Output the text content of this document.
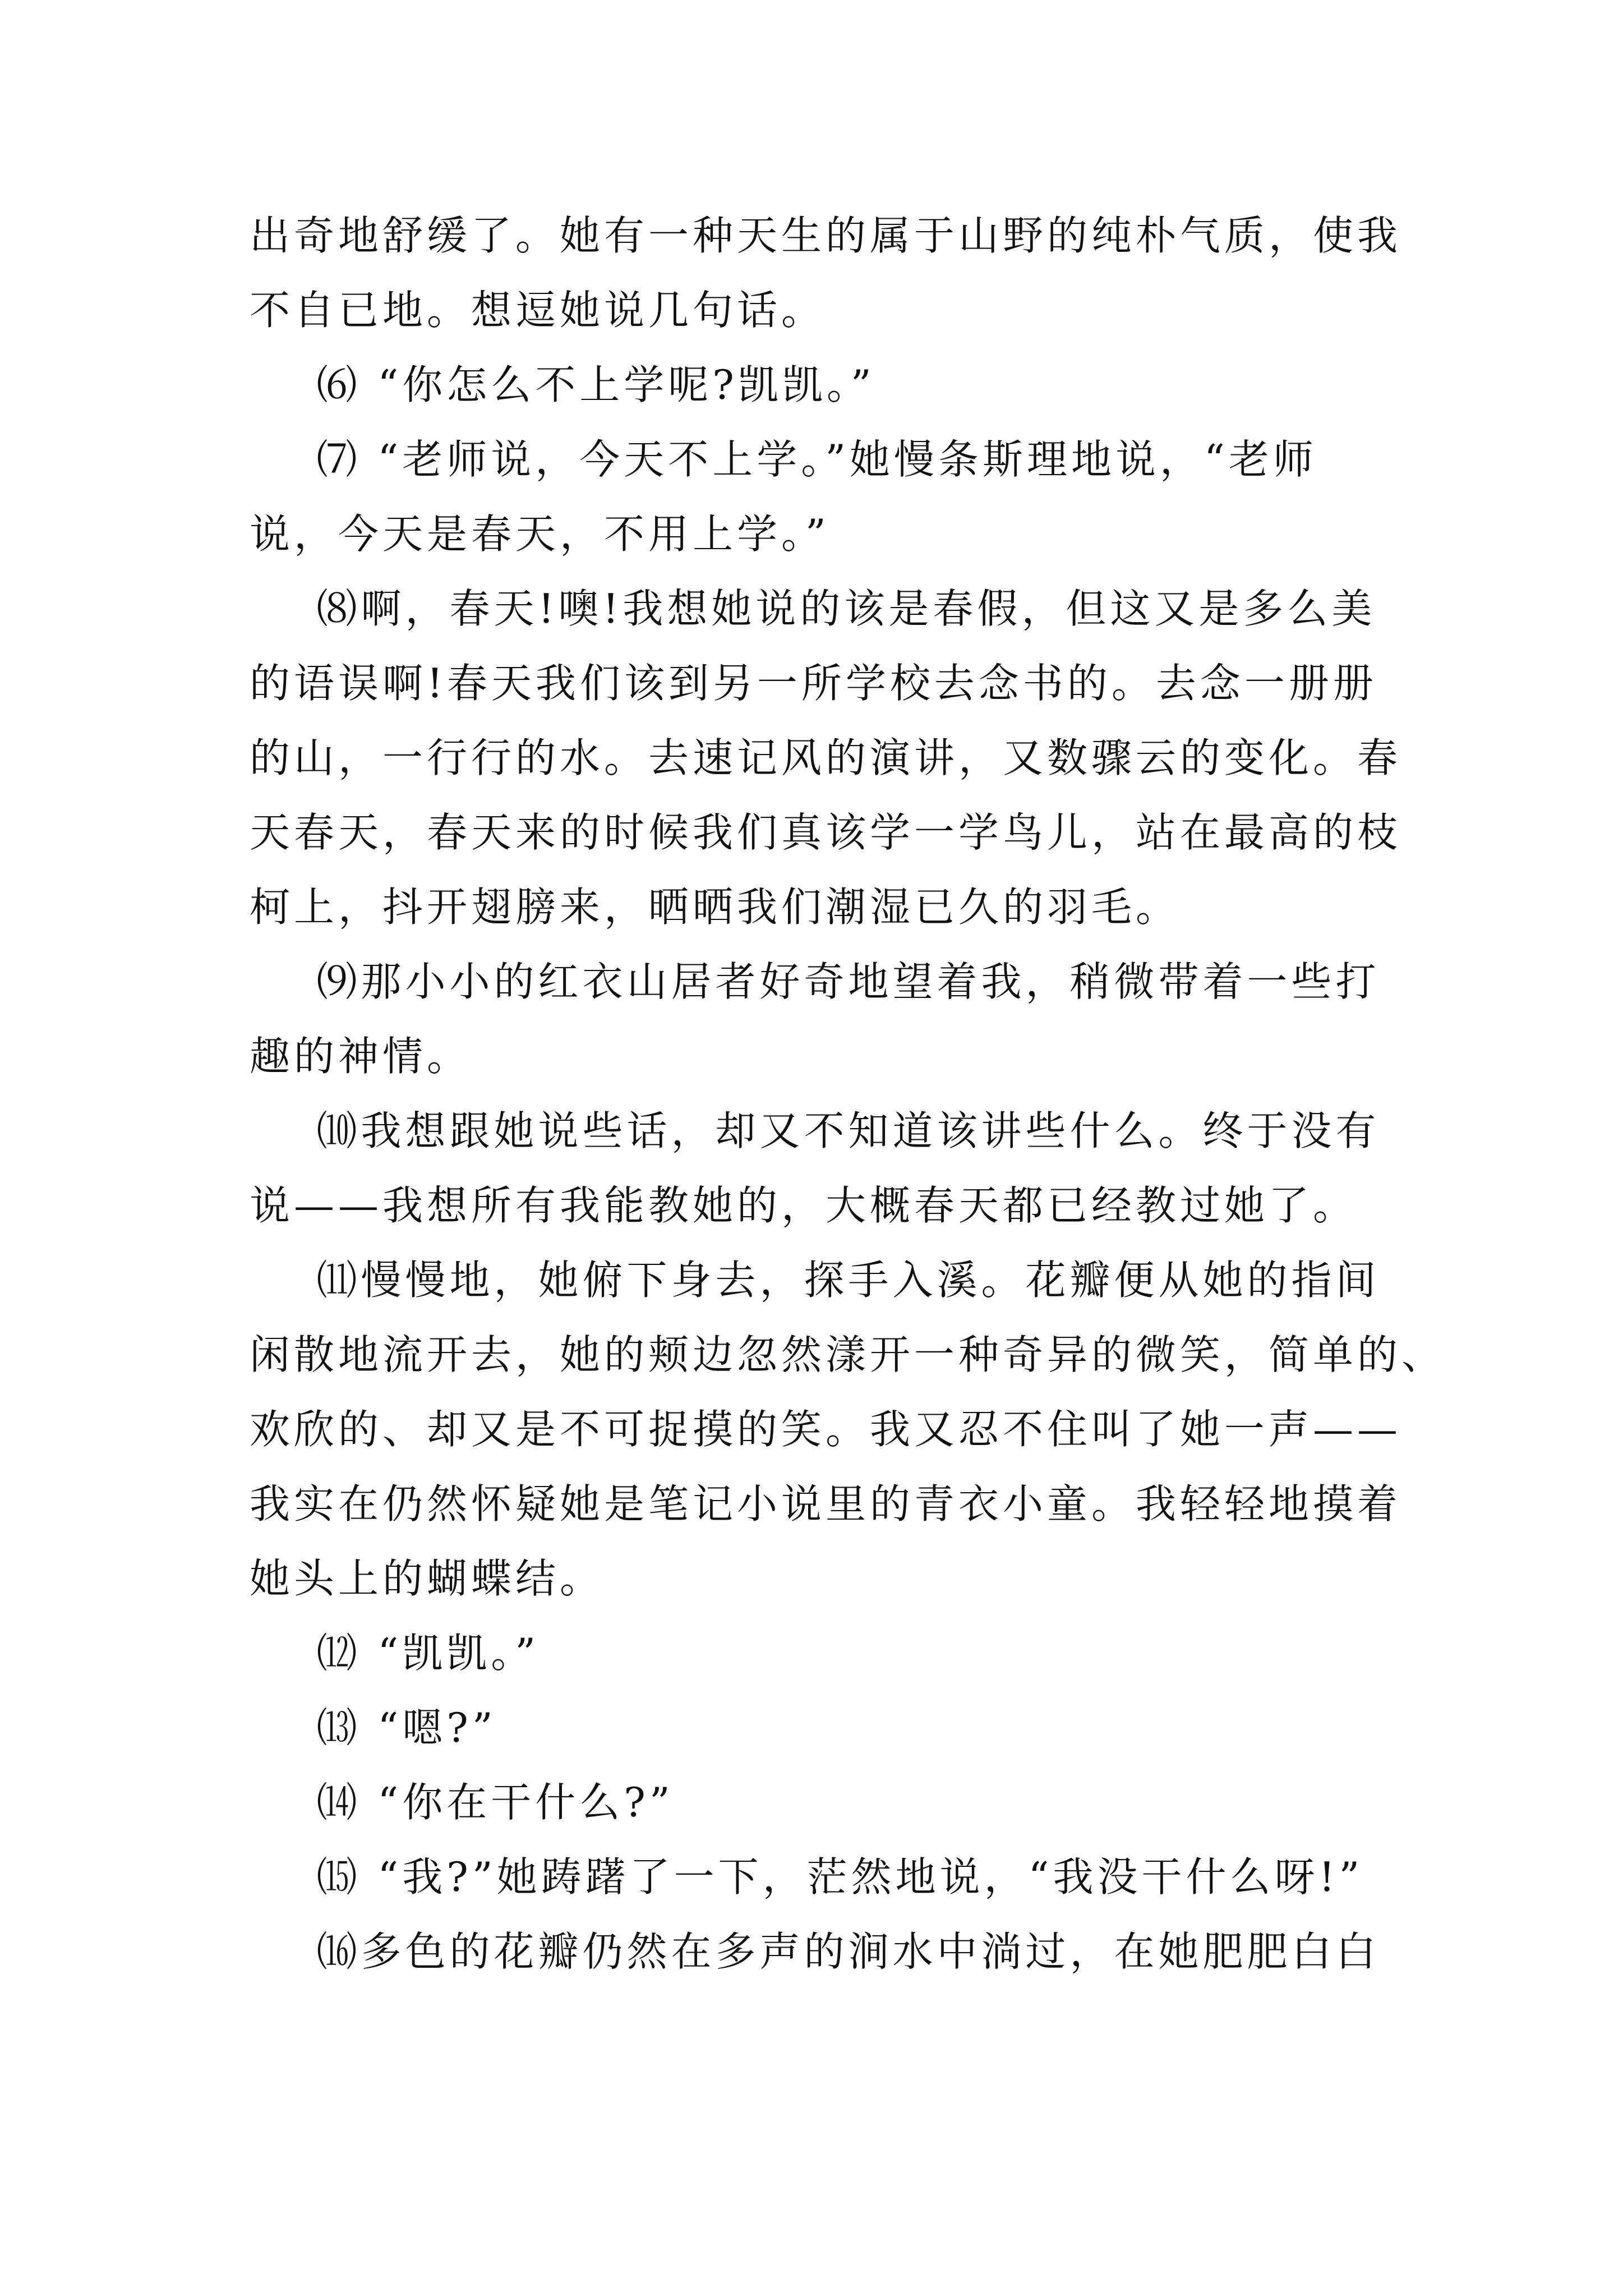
出奇地舒缓了。她有一种天生的属于山野的纯朴气质，使我
不自已地。想逗她说几句话。
⑹ “你怎么不上学呢?凯凯。”
⑺ “老师说，今天不上学。”她慢条斯理地说，“老师
说，今天是春天，不用上学。”
⑻啊，春天!噢!我想她说的该是春假，但这又是多么美
的语误啊!春天我们该到另一所学校去念书的。去念一册册
的山，一行行的水。去速记风的演讲，又数骤云的变化。春
天春天，春天来的时候我们真该学一学鸟儿，站在最高的枝
柯上，抖开翅膀来，晒晒我们潮湿已久的羽毛。
⑼那小小的红衣山居者好奇地望着我，稍微带着一些打
趣的神情。
⑽我想跟她说些话，却又不知道该讲些什么。终于没有
说——我想所有我能教她的，大概春天都已经教过她了。
⑾慢慢地，她俯下身去，探手入溪。花瓣便从她的指间
闲散地流开去，她的颊边忽然漾开一种奇异的微笑，简单的、
欢欣的、却又是不可捉摸的笑。我又忍不住叫了她一声——
我实在仍然怀疑她是笔记小说里的青衣小童。我轻轻地摸着
她头上的蝴蝶结。
⑿ “凯凯。”
⒀ “嗯?”
⒁ “你在干什么?”
⒂ “我?”她踌躇了一下，茫然地说，“我没干什么呀!”
⒃多色的花瓣仍然在多声的涧水中淌过，在她肥肥白白
